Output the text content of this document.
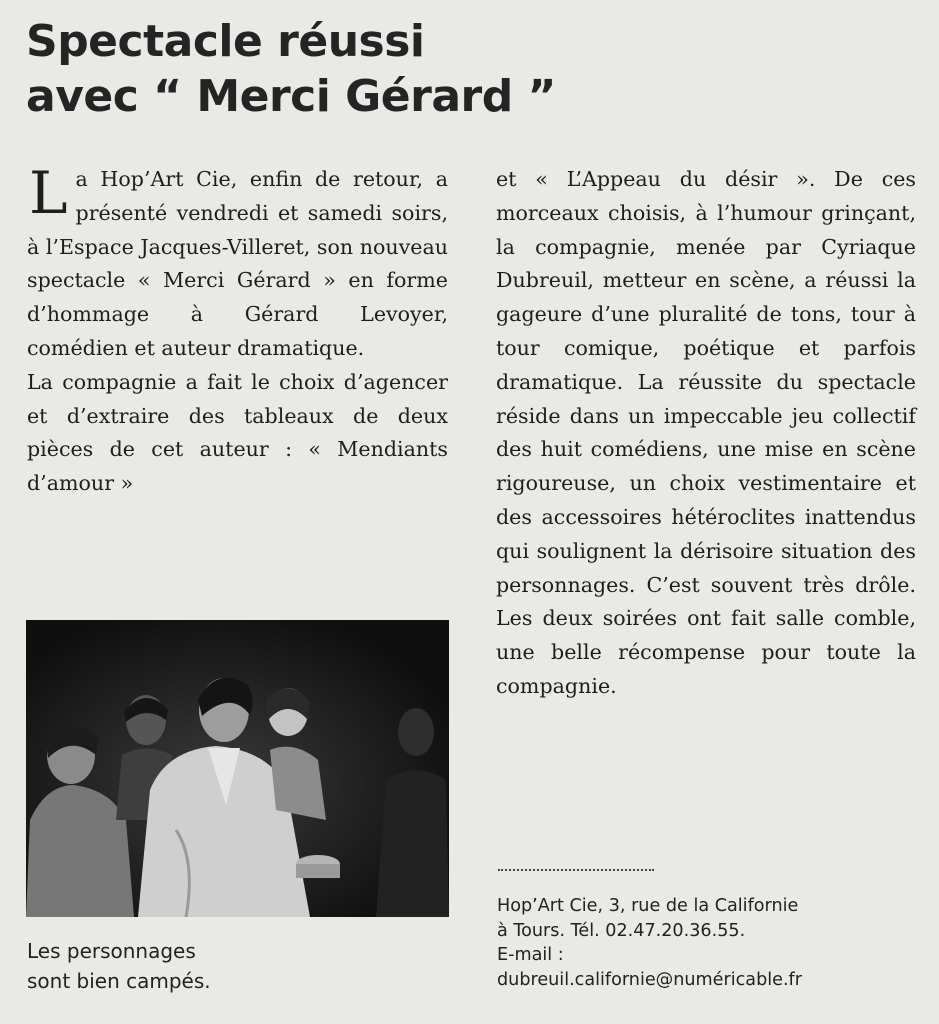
Spectacle réussi
avec “ Merci Gérard ”

La Hop’Art Cie, enfin de retour, a présenté vendredi et samedi soirs, à l’Espace Jacques-Villeret, son nouveau spectacle « Merci Gérard » en forme d’hommage à Gérard Levoyer, comédien et auteur dramatique.

La compagnie a fait le choix d’agencer et d’extraire des tableaux de deux pièces de cet auteur : « Mendiants d’amour »

Les personnages
sont bien campés.

et « L’Appeau du désir ». De ces morceaux choisis, à l’humour grinçant, la compagnie, menée par Cyriaque Dubreuil, metteur en scène, a réussi la gageure d’une pluralité de tons, tour à tour comique, poétique et parfois dramatique. La réussite du spectacle réside dans un impeccable jeu collectif des huit comédiens, une mise en scène rigoureuse, un choix vestimentaire et des accessoires hétéroclites inattendus qui soulignent la dérisoire situation des personnages. C’est souvent très drôle. Les deux soirées ont fait salle comble, une belle récompense pour toute la compagnie.

Hop’Art Cie, 3, rue de la Californie
à Tours. Tél. 02.47.20.36.55.
E-mail :
dubreuil.californie@numéricable.fr
